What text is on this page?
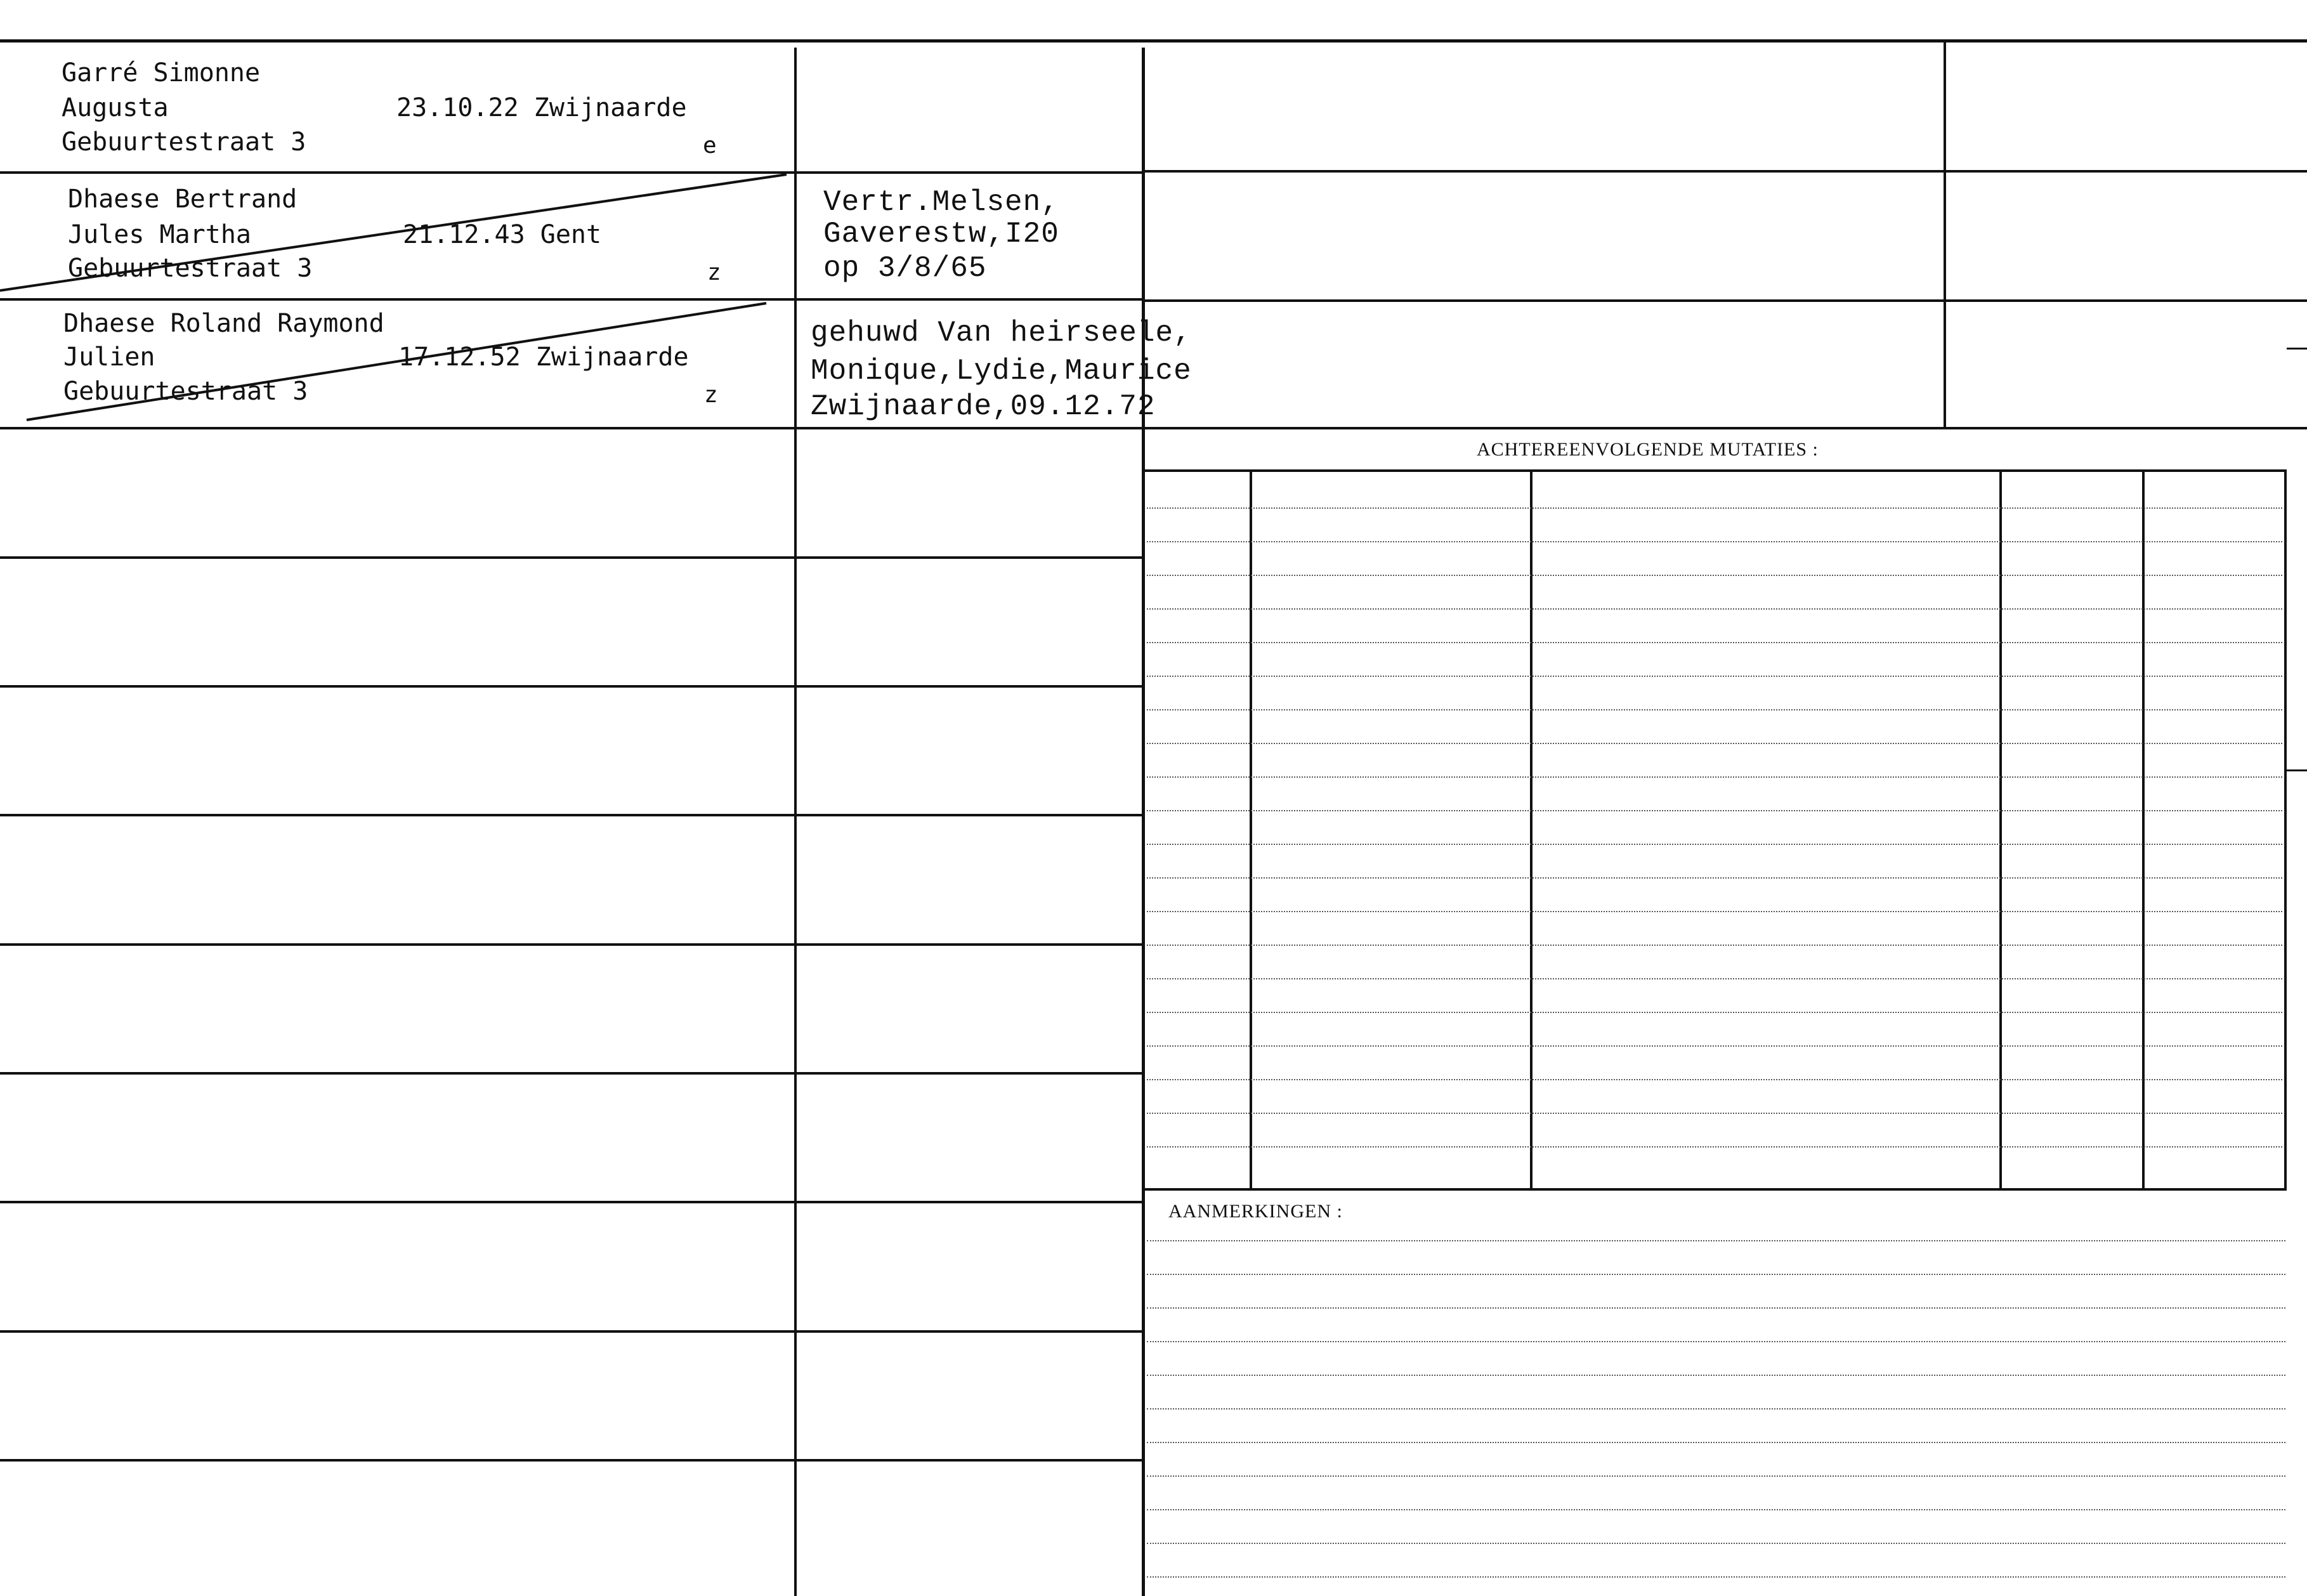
Garré Simonne
Augusta
Gebuurtestraat 3
23.10.22 Zwijnaarde
e
Dhaese Bertrand
Jules Martha
Gebuurtestraat 3
21.12.43 Gent
z
Vertr.Melsen,
Gaverestw,I20
op 3/8/65
Dhaese Roland Raymond
Julien
Gebuurtestraat 3
17.12.52 Zwijnaarde
z
gehuwd Van heirseele,
Monique,Lydie,Maurice
Zwijnaarde,09.12.72
ACHTEREENVOLGENDE MUTATIES :
AANMERKINGEN :
